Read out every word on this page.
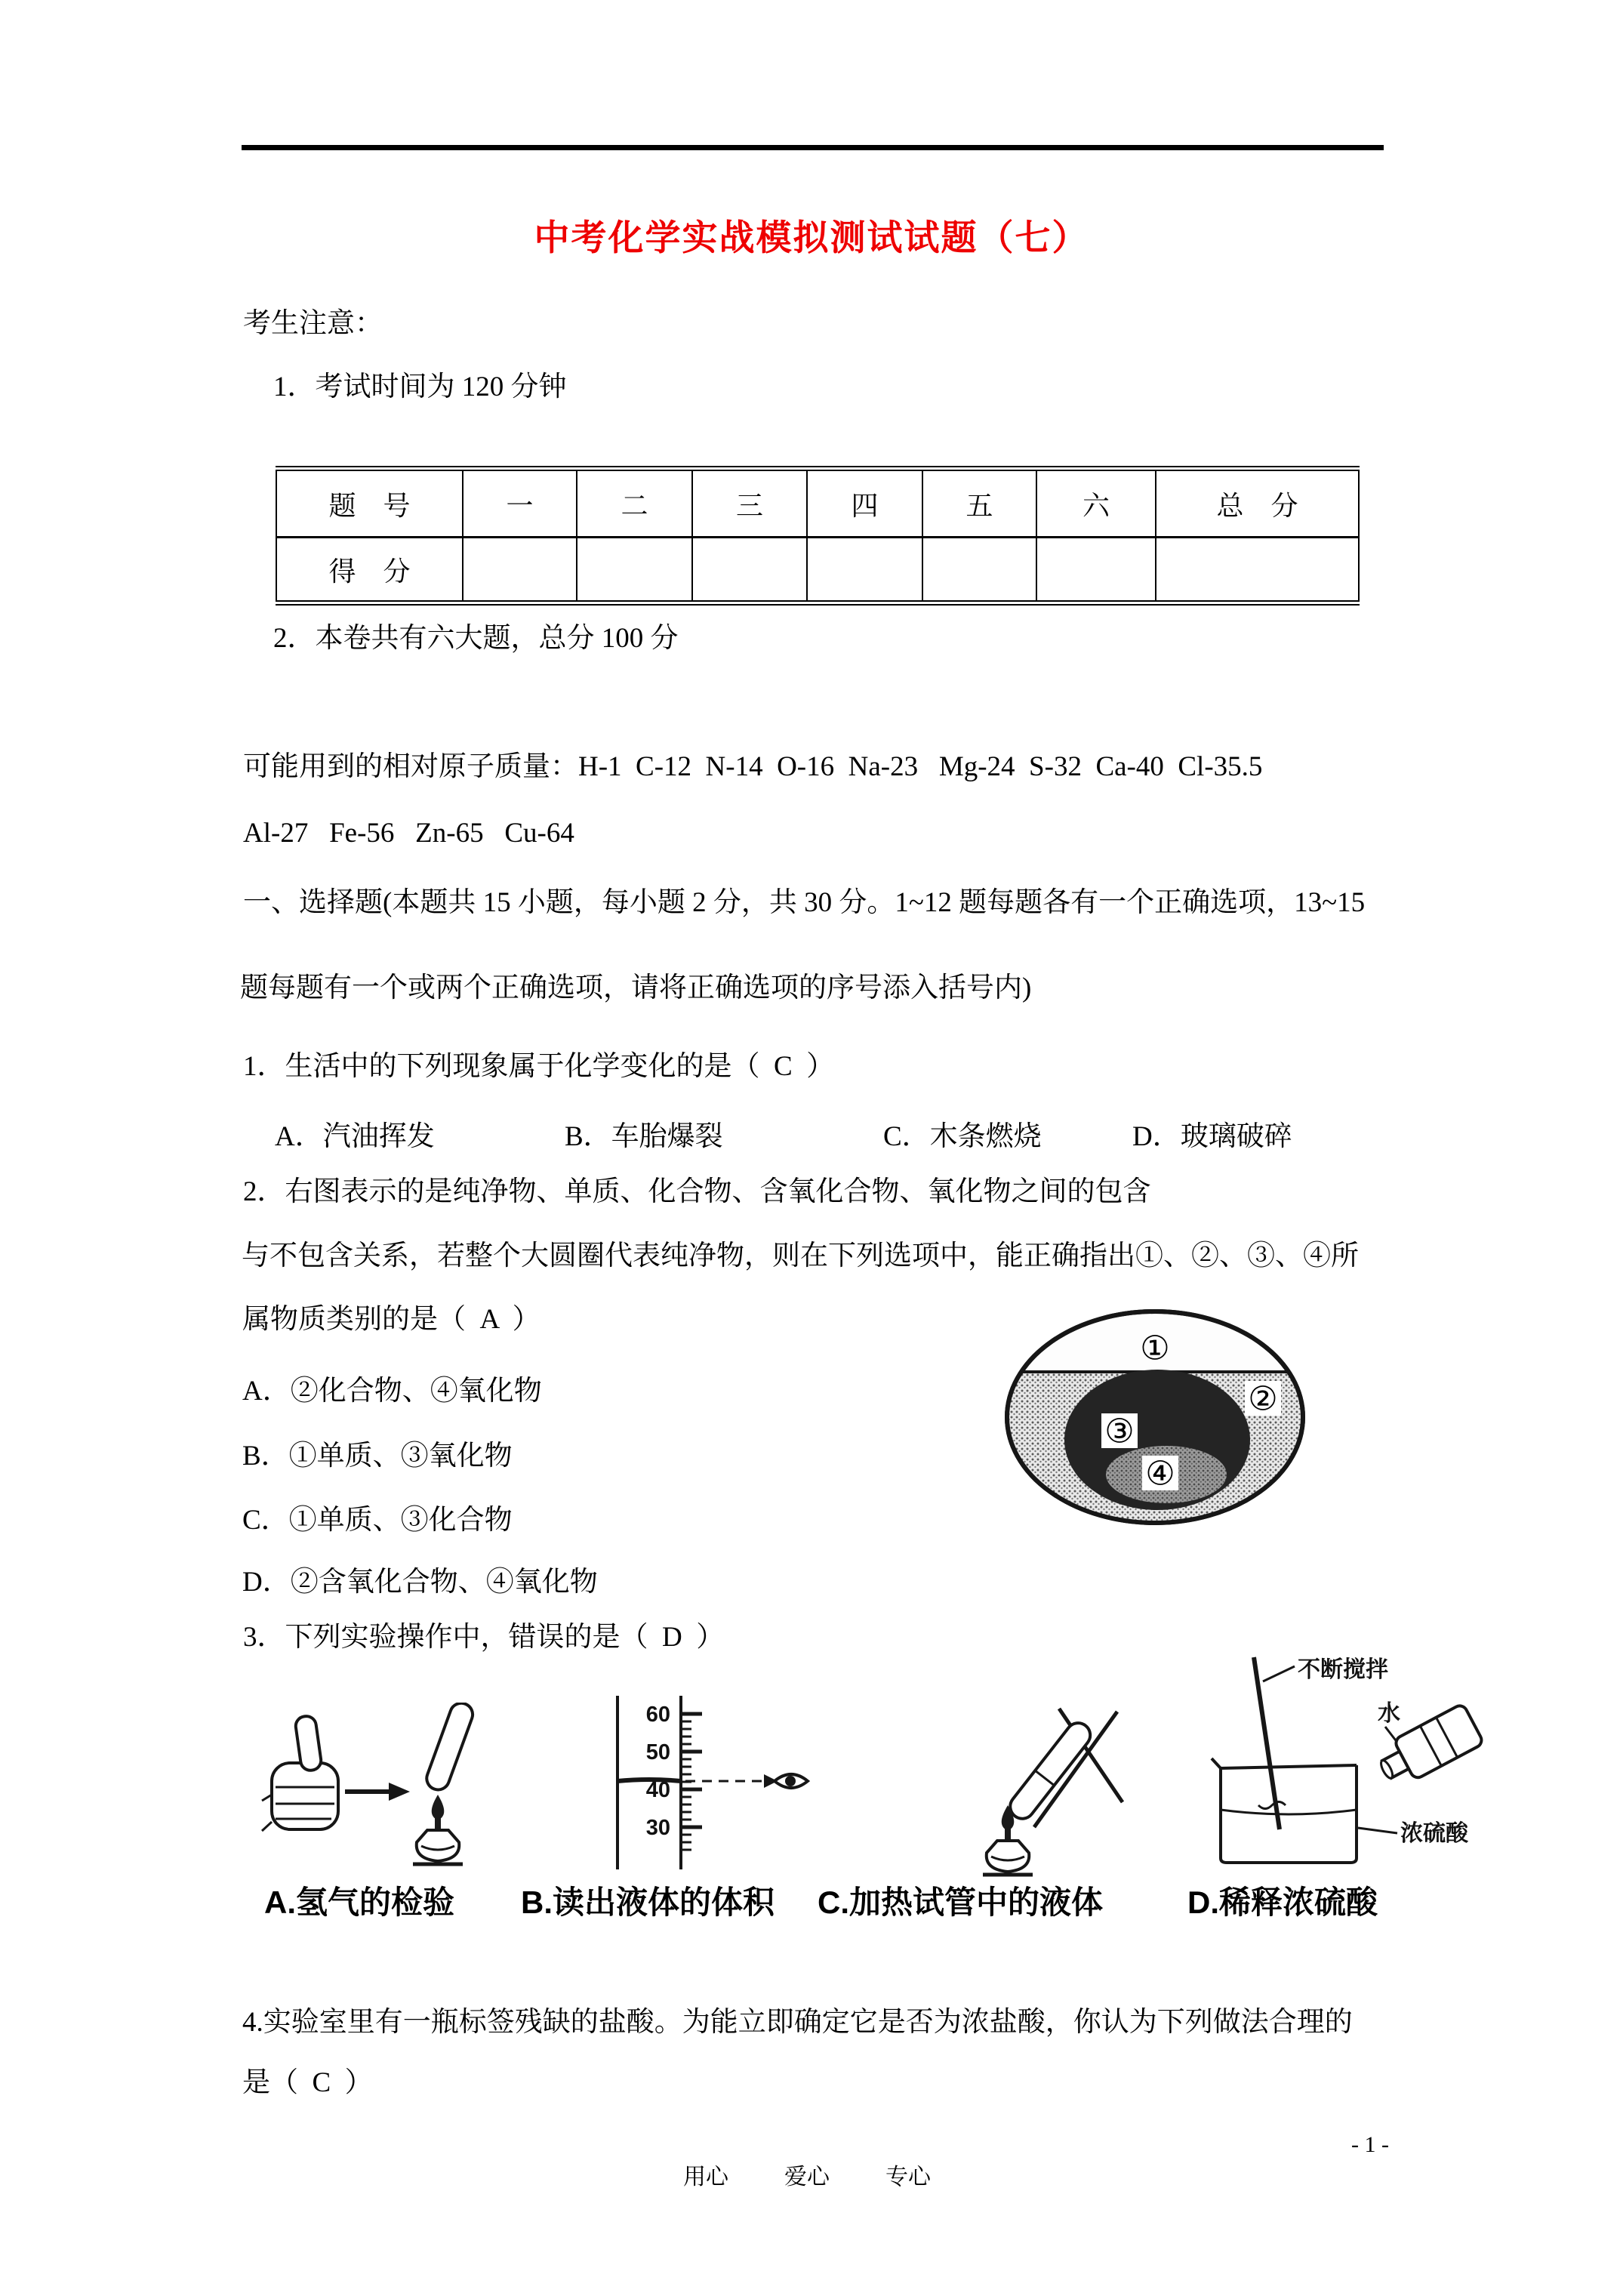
中考化学实战模拟测试试题（七）
考生注意：
1．考试时间为 120 分钟
题　号	一	二	三	四	五	六	总　分
得　分							
2．本卷共有六大题，总分 100 分
可能用到的相对原子质量：H-1  C-12  N-14  O-16  Na-23   Mg-24  S-32  Ca-40  Cl-35.5
Al-27   Fe-56   Zn-65   Cu-64
一、选择题(本题共 15 小题，每小题 2 分，共 30 分。1~12 题每题各有一个正确选项，13~15
题每题有一个或两个正确选项，请将正确选项的序号添入括号内)
1．生活中的下列现象属于化学变化的是（  C  ）
A．汽油挥发	B．车胎爆裂	C．木条燃烧	D．玻璃破碎
2．右图表示的是纯净物、单质、化合物、含氧化合物、氧化物之间的包含
与不包含关系，若整个大圆圈代表纯净物，则在下列选项中，能正确指出①、②、③、④所
属物质类别的是（  A  ）
A．②化合物、④氧化物
B．①单质、③氧化物
C．①单质、③化合物
D．②含氧化合物、④氧化物
①
②
③
④
3．下列实验操作中，错误的是（  D  ）
60
50
40
30
不断搅拌
水
浓硫酸
A.氢气的检验 B.读出液体的体积 C.加热试管中的液体	D.稀释浓硫酸
4.实验室里有一瓶标签残缺的盐酸。为能立即确定它是否为浓盐酸，你认为下列做法合理的
是（  C  ）

用心 爱心 专心

- 1 -
